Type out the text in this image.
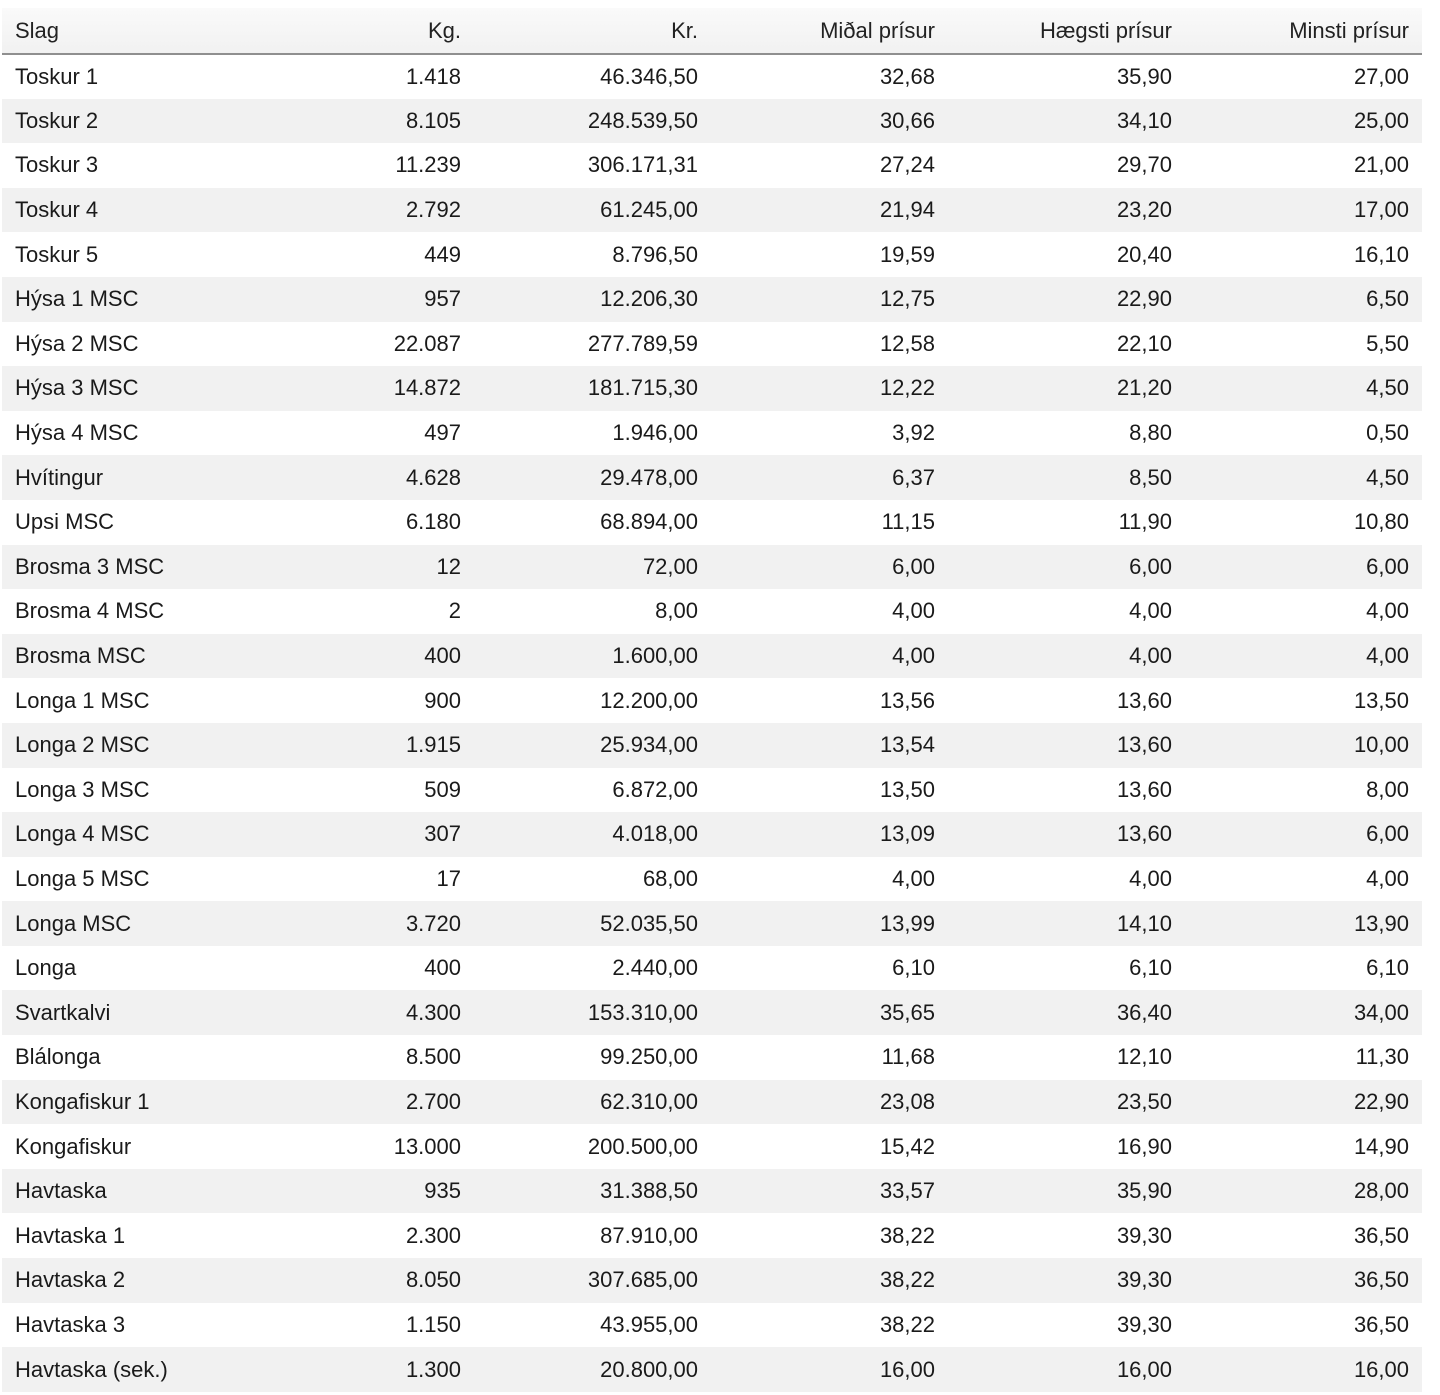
Slag	Kg.	Kr.	Miðal prísur	Hægsti prísur	Minsti prísur
Toskur 1	1.418	46.346,50	32,68	35,90	27,00
Toskur 2	8.105	248.539,50	30,66	34,10	25,00
Toskur 3	11.239	306.171,31	27,24	29,70	21,00
Toskur 4	2.792	61.245,00	21,94	23,20	17,00
Toskur 5	449	8.796,50	19,59	20,40	16,10
Hýsa 1 MSC	957	12.206,30	12,75	22,90	6,50
Hýsa 2 MSC	22.087	277.789,59	12,58	22,10	5,50
Hýsa 3 MSC	14.872	181.715,30	12,22	21,20	4,50
Hýsa 4 MSC	497	1.946,00	3,92	8,80	0,50
Hvítingur	4.628	29.478,00	6,37	8,50	4,50
Upsi MSC	6.180	68.894,00	11,15	11,90	10,80
Brosma 3 MSC	12	72,00	6,00	6,00	6,00
Brosma 4 MSC	2	8,00	4,00	4,00	4,00
Brosma MSC	400	1.600,00	4,00	4,00	4,00
Longa 1 MSC	900	12.200,00	13,56	13,60	13,50
Longa 2 MSC	1.915	25.934,00	13,54	13,60	10,00
Longa 3 MSC	509	6.872,00	13,50	13,60	8,00
Longa 4 MSC	307	4.018,00	13,09	13,60	6,00
Longa 5 MSC	17	68,00	4,00	4,00	4,00
Longa MSC	3.720	52.035,50	13,99	14,10	13,90
Longa	400	2.440,00	6,10	6,10	6,10
Svartkalvi	4.300	153.310,00	35,65	36,40	34,00
Blálonga	8.500	99.250,00	11,68	12,10	11,30
Kongafiskur 1	2.700	62.310,00	23,08	23,50	22,90
Kongafiskur	13.000	200.500,00	15,42	16,90	14,90
Havtaska	935	31.388,50	33,57	35,90	28,00
Havtaska 1	2.300	87.910,00	38,22	39,30	36,50
Havtaska 2	8.050	307.685,00	38,22	39,30	36,50
Havtaska 3	1.150	43.955,00	38,22	39,30	36,50
Havtaska (sek.)	1.300	20.800,00	16,00	16,00	16,00
